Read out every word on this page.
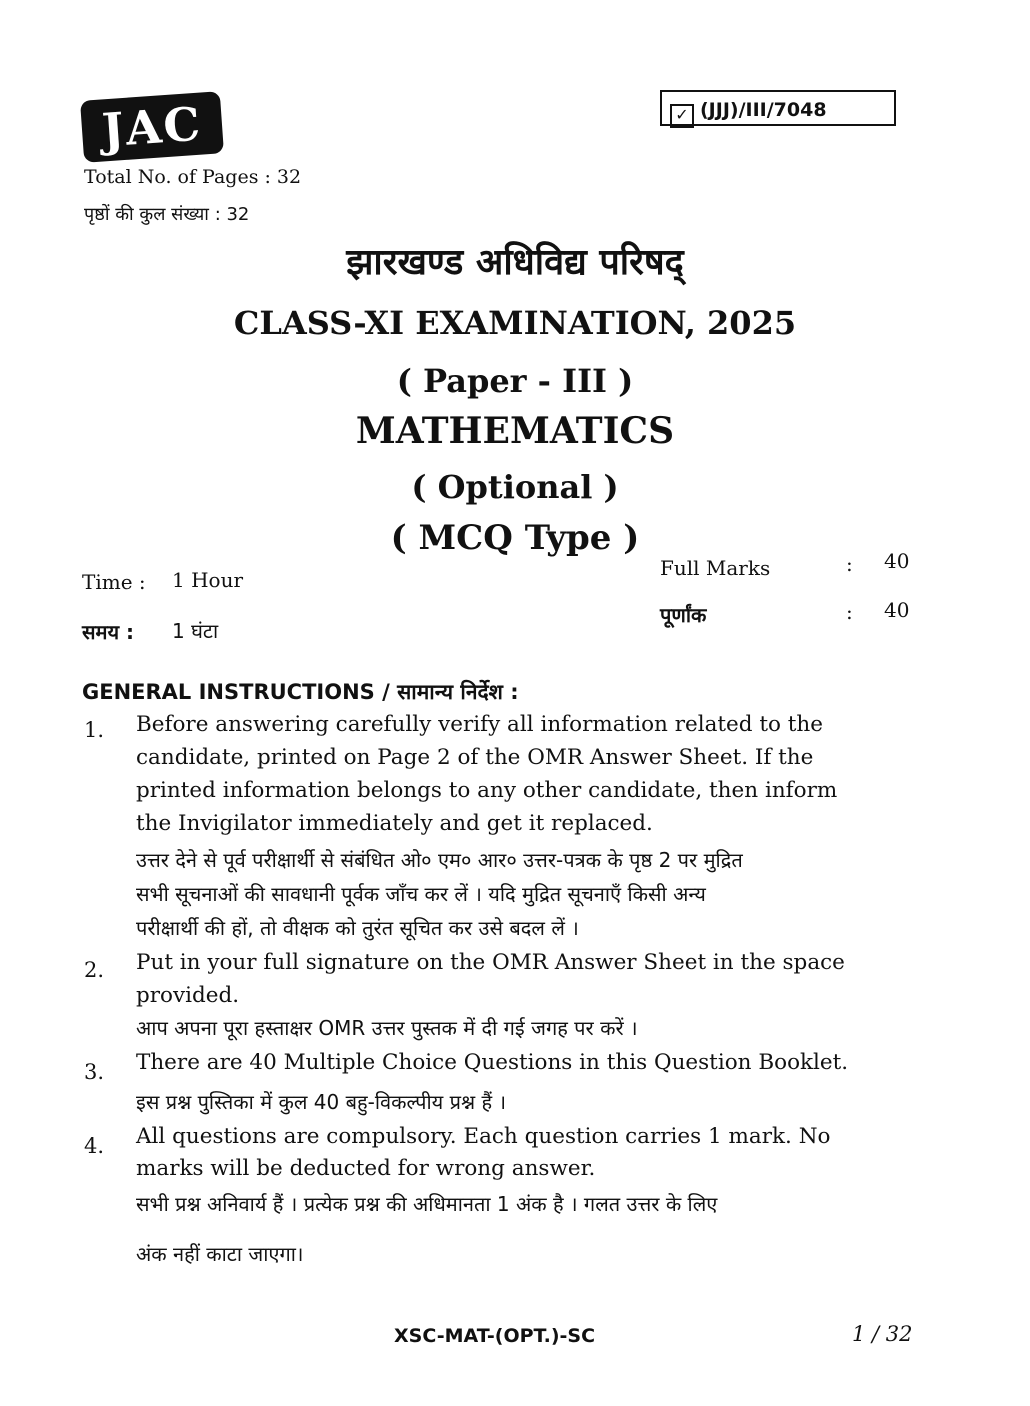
JAC	✓ (JJJ)/III/7048
Total No. of Pages : 32
पृष्ठों की कुल संख्या : 32
झारखण्ड अधिविद्य परिषद्
CLASS-XI EXAMINATION, 2025
( Paper - III )
MATHEMATICS
( Optional )
( MCQ Type )
Time : 1 Hour
समय : 1 घंटा
Full Marks	: 40
पूर्णांक	: 40
GENERAL INSTRUCTIONS / सामान्य निर्देश :
1. Before answering carefully verify all information related to the
candidate, printed on Page 2 of the OMR Answer Sheet. If the
printed information belongs to any other candidate, then inform
the Invigilator immediately and get it replaced.
उत्तर देने से पूर्व परीक्षार्थी से संबंधित ओ० एम० आर० उत्तर-पत्रक के पृष्ठ 2 पर मुद्रित
सभी सूचनाओं की सावधानी पूर्वक जाँच कर लें । यदि मुद्रित सूचनाएँ किसी अन्य
परीक्षार्थी की हों, तो वीक्षक को तुरंत सूचित कर उसे बदल लें ।
2. Put in your full signature on the OMR Answer Sheet in the space
provided.
आप अपना पूरा हस्ताक्षर OMR उत्तर पुस्तक में दी गई जगह पर करें ।
3. There are 40 Multiple Choice Questions in this Question Booklet.
इस प्रश्न पुस्तिका में कुल 40 बहु-विकल्पीय प्रश्न हैं ।
4. All questions are compulsory. Each question carries 1 mark. No
marks will be deducted for wrong answer.
सभी प्रश्न अनिवार्य हैं । प्रत्येक प्रश्न की अधिमानता 1 अंक है । गलत उत्तर के लिए
अंक नहीं काटा जाएगा।
XSC-MAT-(OPT.)-SC	1 / 32
